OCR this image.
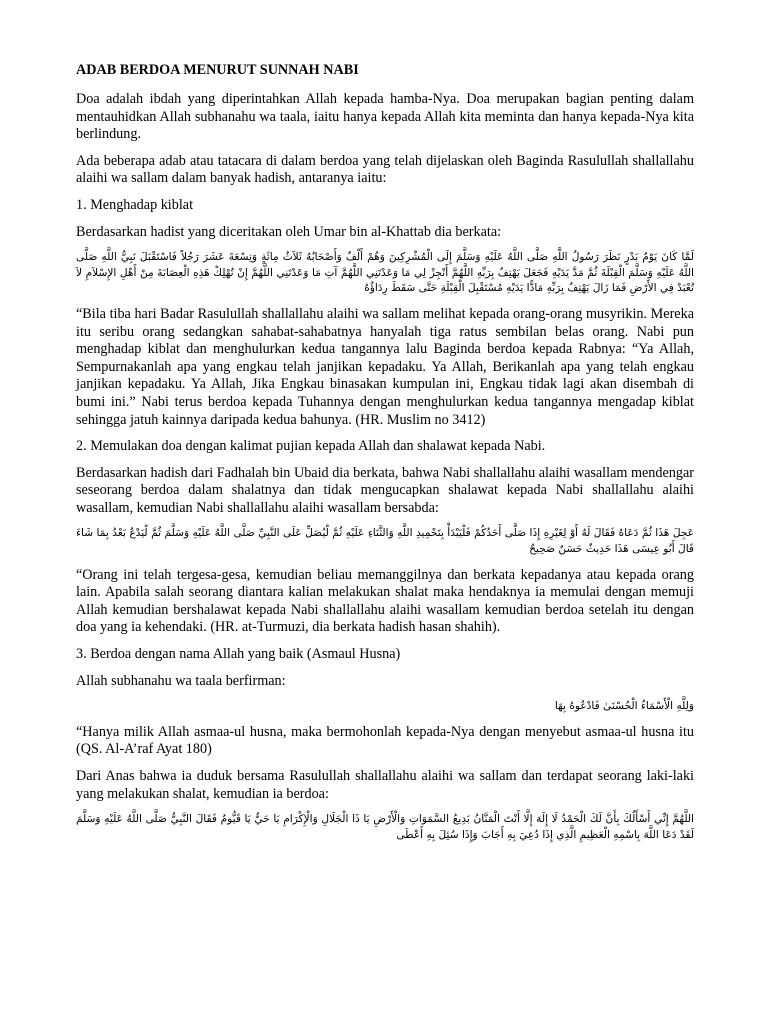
ADAB BERDOA MENURUT SUNNAH NABI

Doa adalah ibdah yang diperintahkan Allah kepada hamba-Nya. Doa merupakan bagian penting dalam mentauhidkan Allah subhanahu wa taala, iaitu hanya kepada Allah kita meminta dan hanya kepada-Nya kita berlindung.

Ada beberapa adab atau tatacara di dalam berdoa yang telah dijelaskan oleh Baginda Rasulullah shallallahu alaihi wa sallam dalam banyak hadish, antaranya iaitu:

1. Menghadap kiblat

Berdasarkan hadist yang diceritakan oleh Umar bin al-Khattab dia berkata:

لَمَّا كَانَ يَوْمُ بَدْرٍ نَظَرَ رَسُولُ اللَّهِ صَلَّى اللَّهُ عَلَيْهِ وَسَلَّمَ إِلَى الْمُشْرِكِينَ وَهُمْ أَلْفٌ وَأَصْحَابُهُ ثَلاَثُ مِائَةٍ وَتِسْعَةَ عَشَرَ رَجُلاً فَاسْتَقْبَلَ نَبِيُّ اللَّهِ صَلَّى اللَّهُ عَلَيْهِ وَسَلَّمَ الْقِبْلَةَ ثُمَّ مَدَّ يَدَيْهِ فَجَعَلَ يَهْتِفُ بِرَبِّهِ اللَّهُمَّ أَنْجِزْ لِي مَا وَعَدْتَنِي اللَّهُمَّ آتِ مَا وَعَدْتَنِي اللَّهُمَّ إِنْ تُهْلِكْ هَذِهِ الْعِصَابَةَ مِنْ أَهْلِ الإِسْلاَمِ لاَ تُعْبَدْ فِي الأَرْضِ فَمَا زَالَ يَهْتِفُ بِرَبِّهِ مَادًّا يَدَيْهِ مُسْتَقْبِلَ الْقِبْلَةِ حَتَّى سَقَطَ رِدَاؤُهُ

“Bila tiba hari Badar Rasulullah shallallahu alaihi wa sallam melihat kepada orang-orang musyrikin. Mereka itu seribu orang sedangkan sahabat-sahabatnya hanyalah tiga ratus sembilan belas orang. Nabi pun menghadap kiblat dan menghulurkan kedua tangannya lalu Baginda berdoa kepada Rabnya: “Ya Allah, Sempurnakanlah apa yang engkau telah janjikan kepadaku. Ya Allah, Berikanlah apa yang telah engkau janjikan kepadaku. Ya Allah, Jika Engkau binasakan kumpulan ini, Engkau tidak lagi akan disembah di bumi ini.” Nabi terus berdoa kepada Tuhannya dengan menghulurkan kedua tangannya mengadap kiblat sehingga jatuh kainnya daripada kedua bahunya. (HR. Muslim no 3412)

2. Memulakan doa dengan kalimat pujian kepada Allah dan shalawat kepada Nabi.

Berdasarkan hadish dari Fadhalah bin Ubaid dia berkata, bahwa Nabi shallallahu alaihi wasallam mendengar seseorang berdoa dalam shalatnya dan tidak mengucapkan shalawat kepada Nabi shallallahu alaihi wasallam, kemudian Nabi shallallahu alaihi wasallam bersabda:

عَجِلَ هَذَا ثُمَّ دَعَاهُ فَقَالَ لَهُ أَوْ لِغَيْرِهِ إِذَا صَلَّى أَحَدُكُمْ فَلْيَبْدَأْ بِتَحْمِيدِ اللَّهِ وَالثَّنَاءِ عَلَيْهِ ثُمَّ لْيُصَلِّ عَلَى النَّبِيِّ صَلَّى اللَّهُ عَلَيْهِ وَسَلَّمَ ثُمَّ لْيَدْعُ بَعْدُ بِمَا شَاءَ قَالَ أَبُو عِيسَى هَذَا حَدِيثٌ حَسَنٌ صَحِيحٌ

“Orang ini telah tergesa-gesa, kemudian beliau memanggilnya dan berkata kepadanya atau kepada orang lain. Apabila salah seorang diantara kalian melakukan shalat maka hendaknya ia memulai dengan memuji Allah kemudian bershalawat kepada Nabi shallallahu alaihi wasallam kemudian berdoa setelah itu dengan doa yang ia kehendaki. (HR. at-Turmuzi, dia berkata hadish hasan shahih).

3. Berdoa dengan nama Allah yang baik (Asmaul Husna)

Allah subhanahu wa taala berfirman:

وَلِلَّهِ الْأَسْمَاءُ الْحُسْنَىٰ فَادْعُوهُ بِهَا

“Hanya milik Allah asmaa-ul husna, maka bermohonlah kepada-Nya dengan menyebut asmaa-ul husna itu (QS. Al-A’raf Ayat 180)

Dari Anas bahwa ia duduk bersama Rasulullah shallallahu alaihi wa sallam dan terdapat seorang laki-laki yang melakukan shalat, kemudian ia berdoa:

اللَّهُمَّ إِنِّي أَسْأَلُكَ بِأَنَّ لَكَ الْحَمْدُ لَا إِلَهَ إِلَّا أَنْتَ الْمَنَّانُ بَدِيعُ السَّمَوَاتِ وَالْأَرْضِ يَا ذَا الْجَلَالِ وَالْإِكْرَامِ يَا حَيُّ يَا قَيُّومُ فَقَالَ النَّبِيُّ صَلَّى اللَّهُ عَلَيْهِ وَسَلَّمَ لَقَدْ دَعَا اللَّهَ بِاسْمِهِ الْعَظِيمِ الَّذِي إِذَا دُعِيَ بِهِ أَجَابَ وَإِذَا سُئِلَ بِهِ أَعْطَى
